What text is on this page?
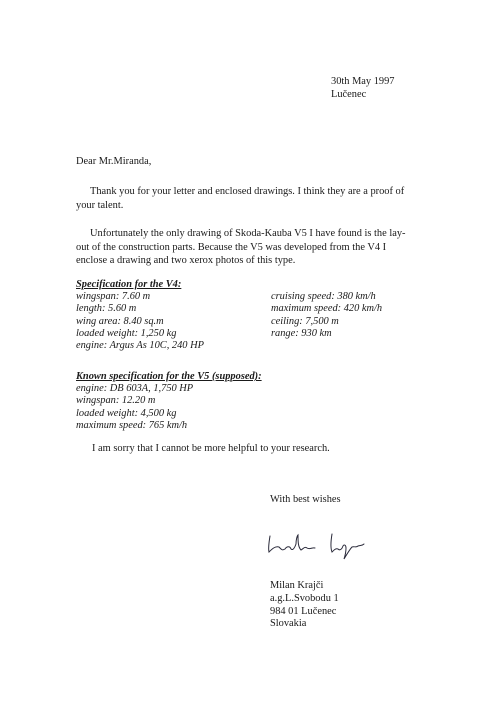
30th May 1997
Lučenec
Dear Mr.Miranda,
Thank you for your letter and enclosed drawings. I think they are a proof of
your talent.
Unfortunately the only drawing of Skoda-Kauba V5 I have found is the lay-
out of the construction parts. Because the V5 was developed from the V4 I
enclose a drawing and two xerox photos of this type.
Specification for the V4:
wingspan: 7.60 m
length: 5.60 m
wing area: 8.40 sq.m
loaded weight: 1,250 kg
engine: Argus As 10C, 240 HP
cruising speed: 380 km/h
maximum speed: 420 km/h
ceiling: 7,500 m
range: 930 km
Known specification for the V5 (supposed):
engine: DB 603A, 1,750 HP
wingspan: 12.20 m
loaded weight: 4,500 kg
maximum speed: 765 km/h
I am sorry that I cannot be more helpful to your research.
With best wishes
Milan Krajči
a.g.L.Svobodu 1
984 01 Lučenec
Slovakia
